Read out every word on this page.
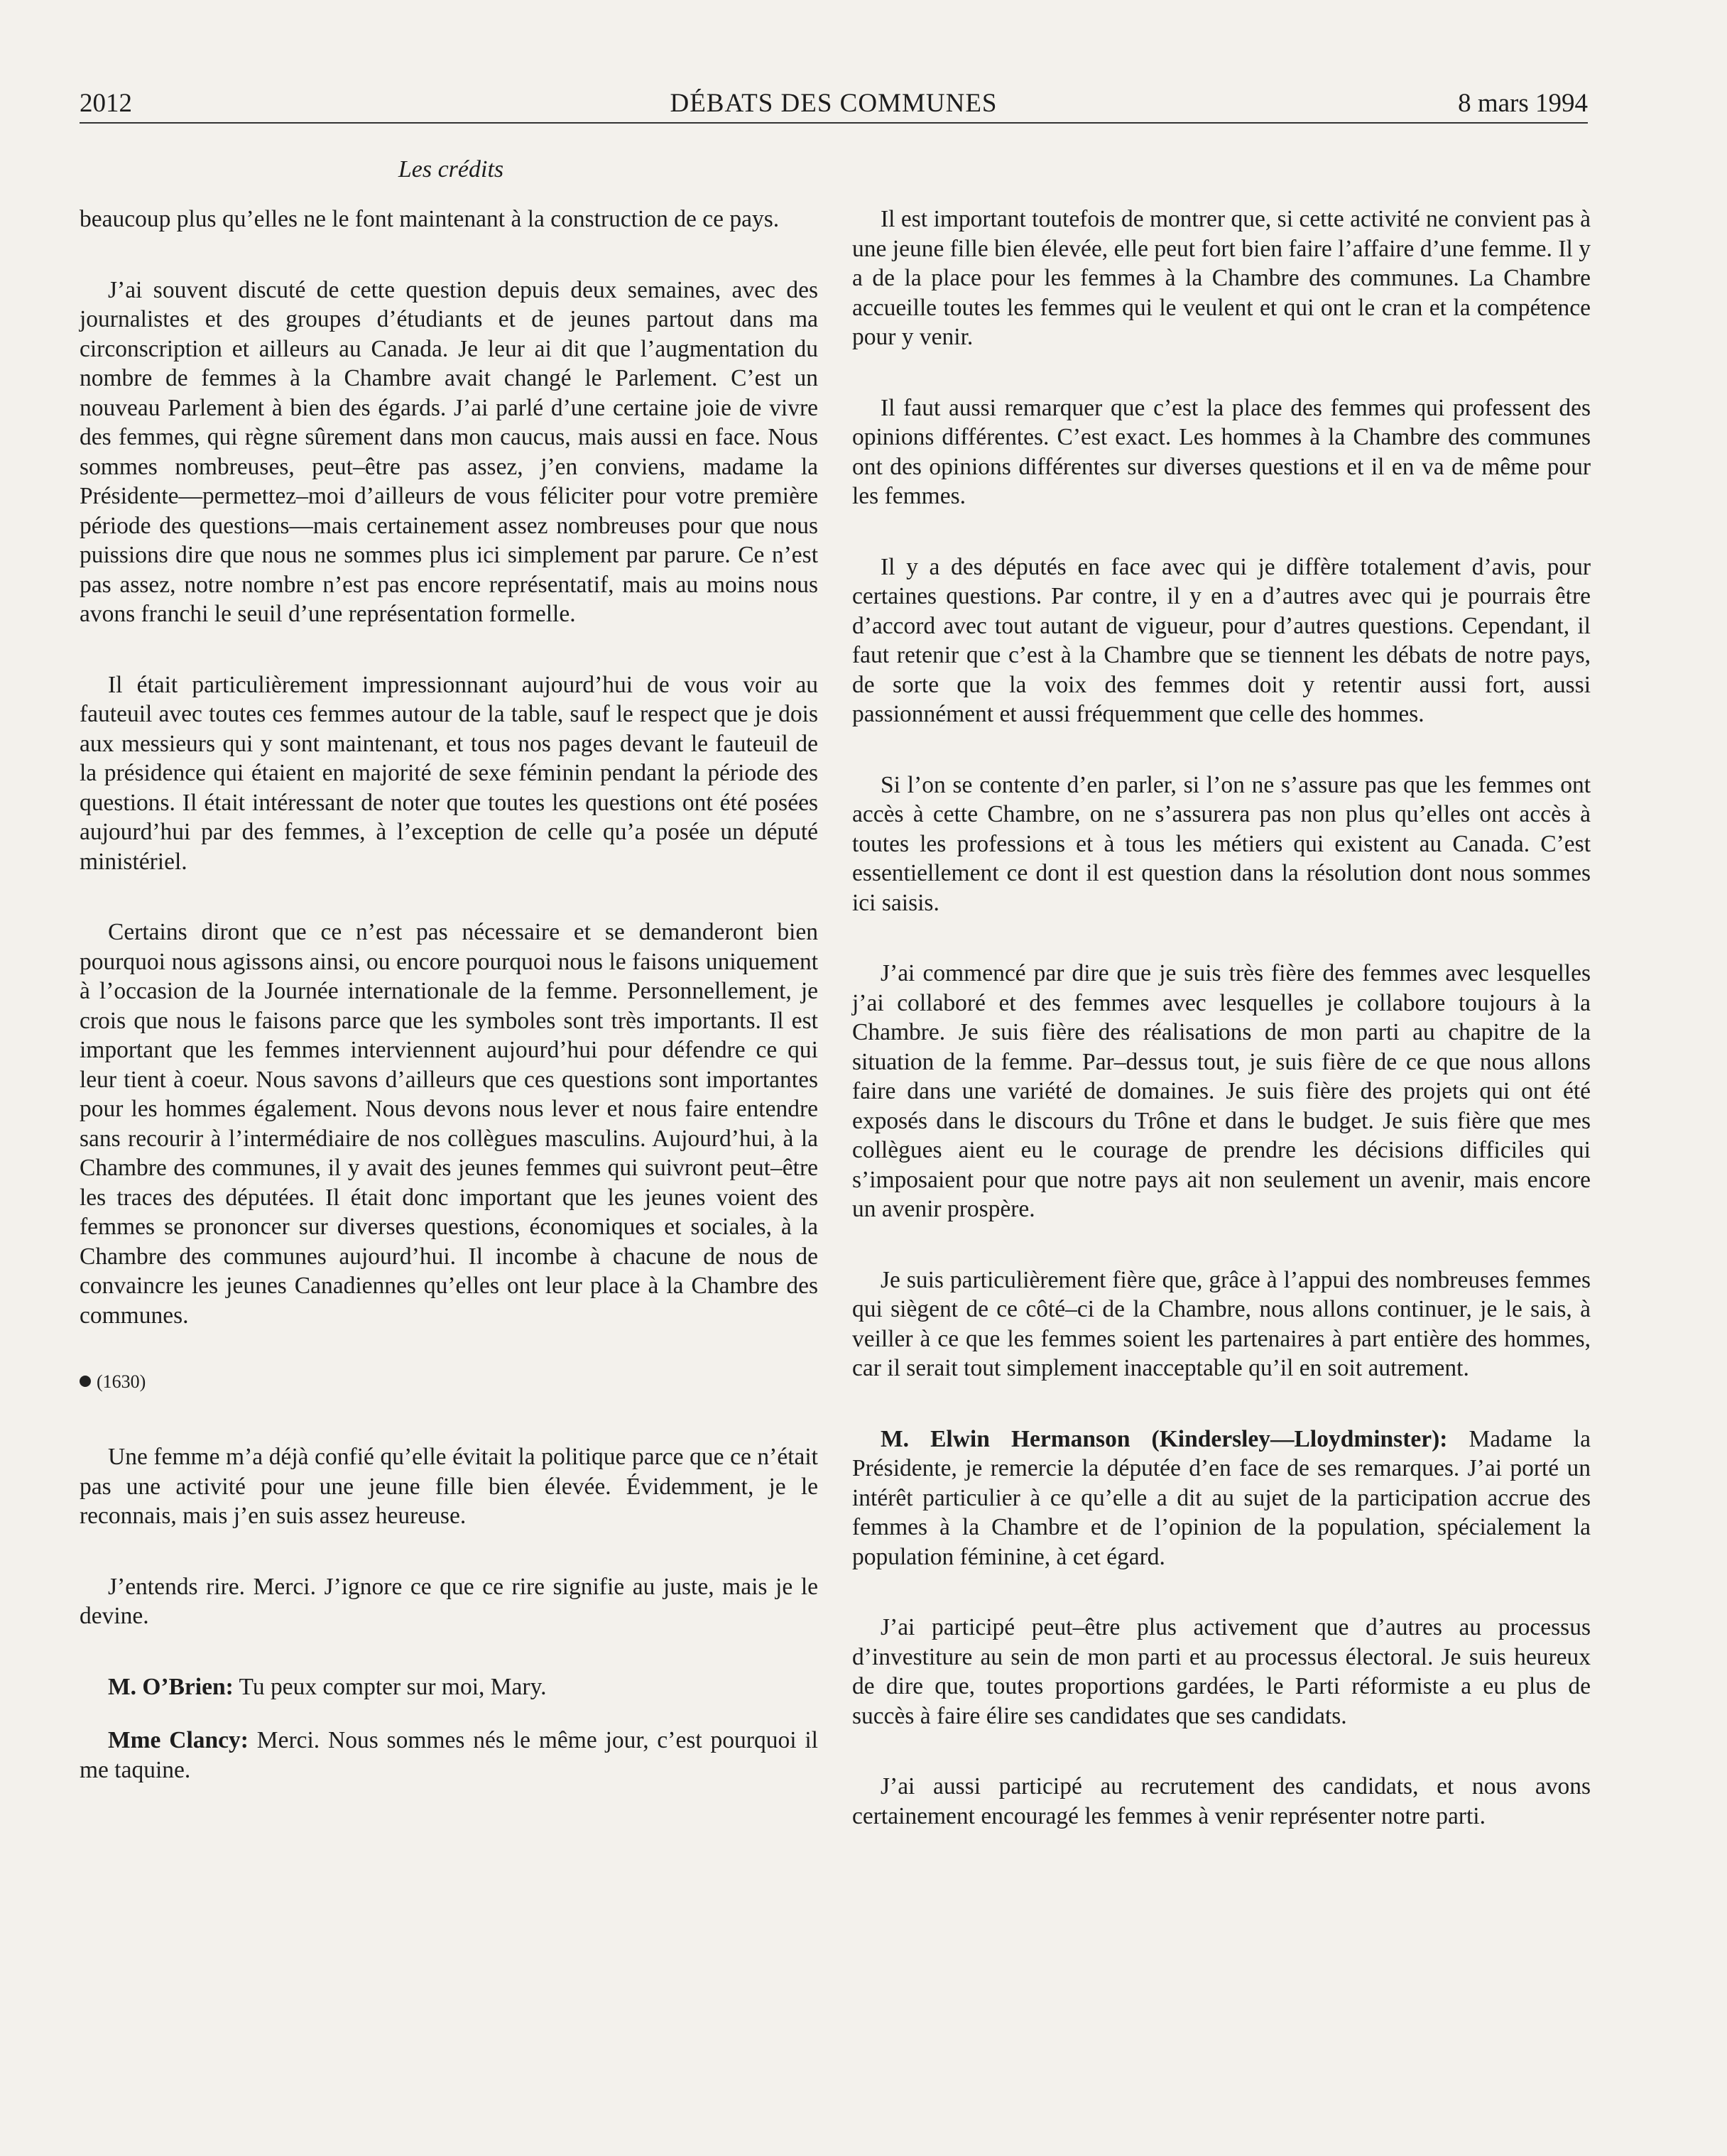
2012	DÉBATS DES COMMUNES	8 mars 1994
Les crédits

beaucoup plus qu’elles ne le font maintenant à la construction de ce pays.

J’ai souvent discuté de cette question depuis deux semaines, avec des journalistes et des groupes d’étudiants et de jeunes partout dans ma circonscription et ailleurs au Canada. Je leur ai dit que l’augmentation du nombre de femmes à la Chambre avait changé le Parlement. C’est un nouveau Parlement à bien des égards. J’ai parlé d’une certaine joie de vivre des femmes, qui règne sûrement dans mon caucus, mais aussi en face. Nous sommes nombreuses, peut–être pas assez, j’en conviens, madame la Présidente—permettez–moi d’ailleurs de vous féliciter pour votre première période des questions—mais certainement assez nombreuses pour que nous puissions dire que nous ne sommes plus ici simplement par parure. Ce n’est pas assez, notre nombre n’est pas encore représentatif, mais au moins nous avons franchi le seuil d’une représentation formelle.

Il était particulièrement impressionnant aujourd’hui de vous voir au fauteuil avec toutes ces femmes autour de la table, sauf le respect que je dois aux messieurs qui y sont maintenant, et tous nos pages devant le fauteuil de la présidence qui étaient en majorité de sexe féminin pendant la période des questions. Il était intéressant de noter que toutes les questions ont été posées aujourd’hui par des femmes, à l’exception de celle qu’a posée un député ministériel.

Certains diront que ce n’est pas nécessaire et se demanderont bien pourquoi nous agissons ainsi, ou encore pourquoi nous le faisons uniquement à l’occasion de la Journée internationale de la femme. Personnellement, je crois que nous le faisons parce que les symboles sont très importants. Il est important que les femmes interviennent aujourd’hui pour défendre ce qui leur tient à coeur. Nous savons d’ailleurs que ces questions sont importantes pour les hommes également. Nous devons nous lever et nous faire entendre sans recourir à l’intermédiaire de nos collègues masculins. Aujourd’hui, à la Chambre des communes, il y avait des jeunes femmes qui suivront peut–être les traces des députées. Il était donc important que les jeunes voient des femmes se prononcer sur diverses questions, économiques et sociales, à la Chambre des communes aujourd’hui. Il incombe à chacune de nous de convaincre les jeunes Canadiennes qu’elles ont leur place à la Chambre des communes.

(1630)

Une femme m’a déjà confié qu’elle évitait la politique parce que ce n’était pas une activité pour une jeune fille bien élevée. Évidemment, je le reconnais, mais j’en suis assez heureuse.

J’entends rire. Merci. J’ignore ce que ce rire signifie au juste, mais je le devine.

M. O’Brien: Tu peux compter sur moi, Mary.

Mme Clancy: Merci. Nous sommes nés le même jour, c’est pourquoi il me taquine.

Il est important toutefois de montrer que, si cette activité ne convient pas à une jeune fille bien élevée, elle peut fort bien faire l’affaire d’une femme. Il y a de la place pour les femmes à la Chambre des communes. La Chambre accueille toutes les femmes qui le veulent et qui ont le cran et la compétence pour y venir.

Il faut aussi remarquer que c’est la place des femmes qui professent des opinions différentes. C’est exact. Les hommes à la Chambre des communes ont des opinions différentes sur diverses questions et il en va de même pour les femmes.

Il y a des députés en face avec qui je diffère totalement d’avis, pour certaines questions. Par contre, il y en a d’autres avec qui je pourrais être d’accord avec tout autant de vigueur, pour d’autres questions. Cependant, il faut retenir que c’est à la Chambre que se tiennent les débats de notre pays, de sorte que la voix des femmes doit y retentir aussi fort, aussi passionnément et aussi fréquemment que celle des hommes.

Si l’on se contente d’en parler, si l’on ne s’assure pas que les femmes ont accès à cette Chambre, on ne s’assurera pas non plus qu’elles ont accès à toutes les professions et à tous les métiers qui existent au Canada. C’est essentiellement ce dont il est question dans la résolution dont nous sommes ici saisis.

J’ai commencé par dire que je suis très fière des femmes avec lesquelles j’ai collaboré et des femmes avec lesquelles je collabore toujours à la Chambre. Je suis fière des réalisations de mon parti au chapitre de la situation de la femme. Par–dessus tout, je suis fière de ce que nous allons faire dans une variété de domaines. Je suis fière des projets qui ont été exposés dans le discours du Trône et dans le budget. Je suis fière que mes collègues aient eu le courage de prendre les décisions difficiles qui s’imposaient pour que notre pays ait non seulement un avenir, mais encore un avenir prospère.

Je suis particulièrement fière que, grâce à l’appui des nombreuses femmes qui siègent de ce côté–ci de la Chambre, nous allons continuer, je le sais, à veiller à ce que les femmes soient les partenaires à part entière des hommes, car il serait tout simplement inacceptable qu’il en soit autrement.

M. Elwin Hermanson (Kindersley—Lloydminster): Madame la Présidente, je remercie la députée d’en face de ses remarques. J’ai porté un intérêt particulier à ce qu’elle a dit au sujet de la participation accrue des femmes à la Chambre et de l’opinion de la population, spécialement la population féminine, à cet égard.

J’ai participé peut–être plus activement que d’autres au processus d’investiture au sein de mon parti et au processus électoral. Je suis heureux de dire que, toutes proportions gardées, le Parti réformiste a eu plus de succès à faire élire ses candidates que ses candidats.

J’ai aussi participé au recrutement des candidats, et nous avons certainement encouragé les femmes à venir représenter notre parti.
